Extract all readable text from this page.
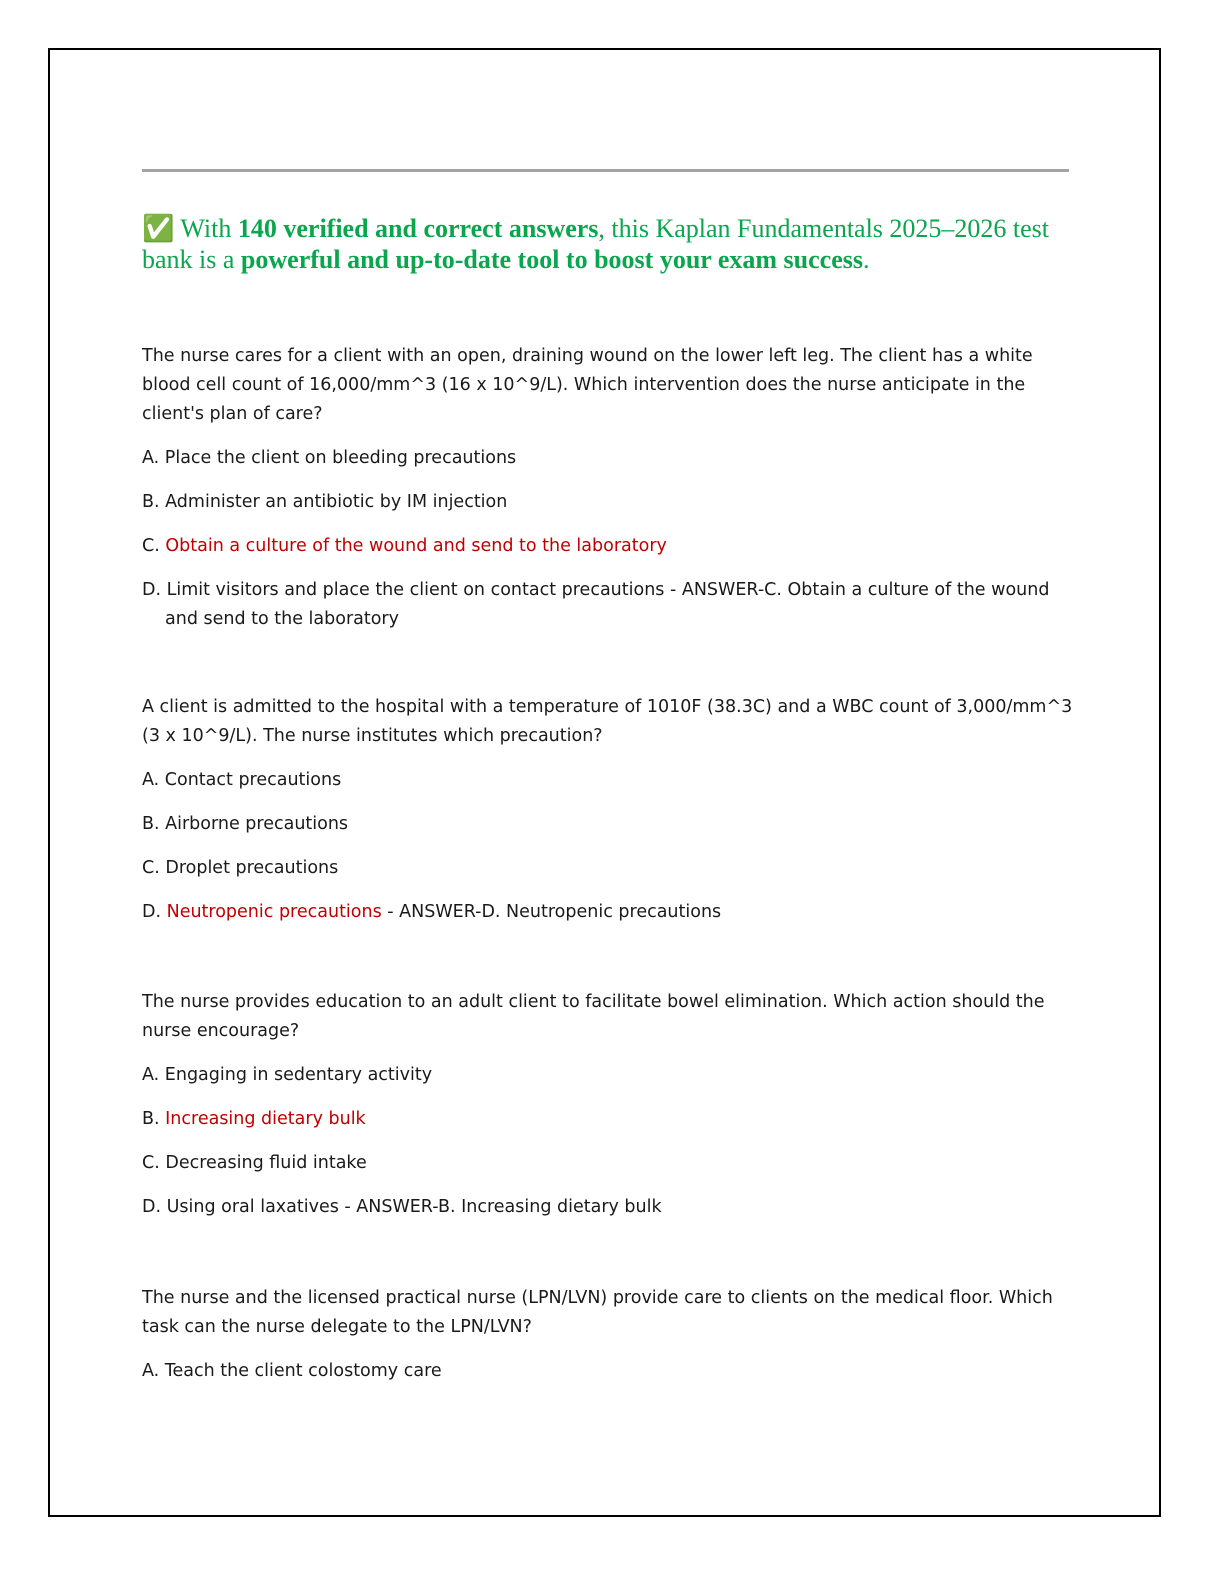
✅ With 140 verified and correct answers, this Kaplan Fundamentals 2025–2026 test bank is a powerful and up-to-date tool to boost your exam success.

The nurse cares for a client with an open, draining wound on the lower left leg. The client has a white blood cell count of 16,000/mm^3 (16 x 10^9/L). Which intervention does the nurse anticipate in the client's plan of care?

A. Place the client on bleeding precautions

B. Administer an antibiotic by IM injection

C. Obtain a culture of the wound and send to the laboratory

D. Limit visitors and place the client on contact precautions - ANSWER-C. Obtain a culture of the wound and send to the laboratory

A client is admitted to the hospital with a temperature of 1010F (38.3C) and a WBC count of 3,000/mm^3 (3 x 10^9/L). The nurse institutes which precaution?

A. Contact precautions

B. Airborne precautions

C. Droplet precautions

D. Neutropenic precautions - ANSWER-D. Neutropenic precautions

The nurse provides education to an adult client to facilitate bowel elimination. Which action should the nurse encourage?

A. Engaging in sedentary activity

B. Increasing dietary bulk

C. Decreasing fluid intake

D. Using oral laxatives - ANSWER-B. Increasing dietary bulk

The nurse and the licensed practical nurse (LPN/LVN) provide care to clients on the medical floor. Which task can the nurse delegate to the LPN/LVN?

A. Teach the client colostomy care
